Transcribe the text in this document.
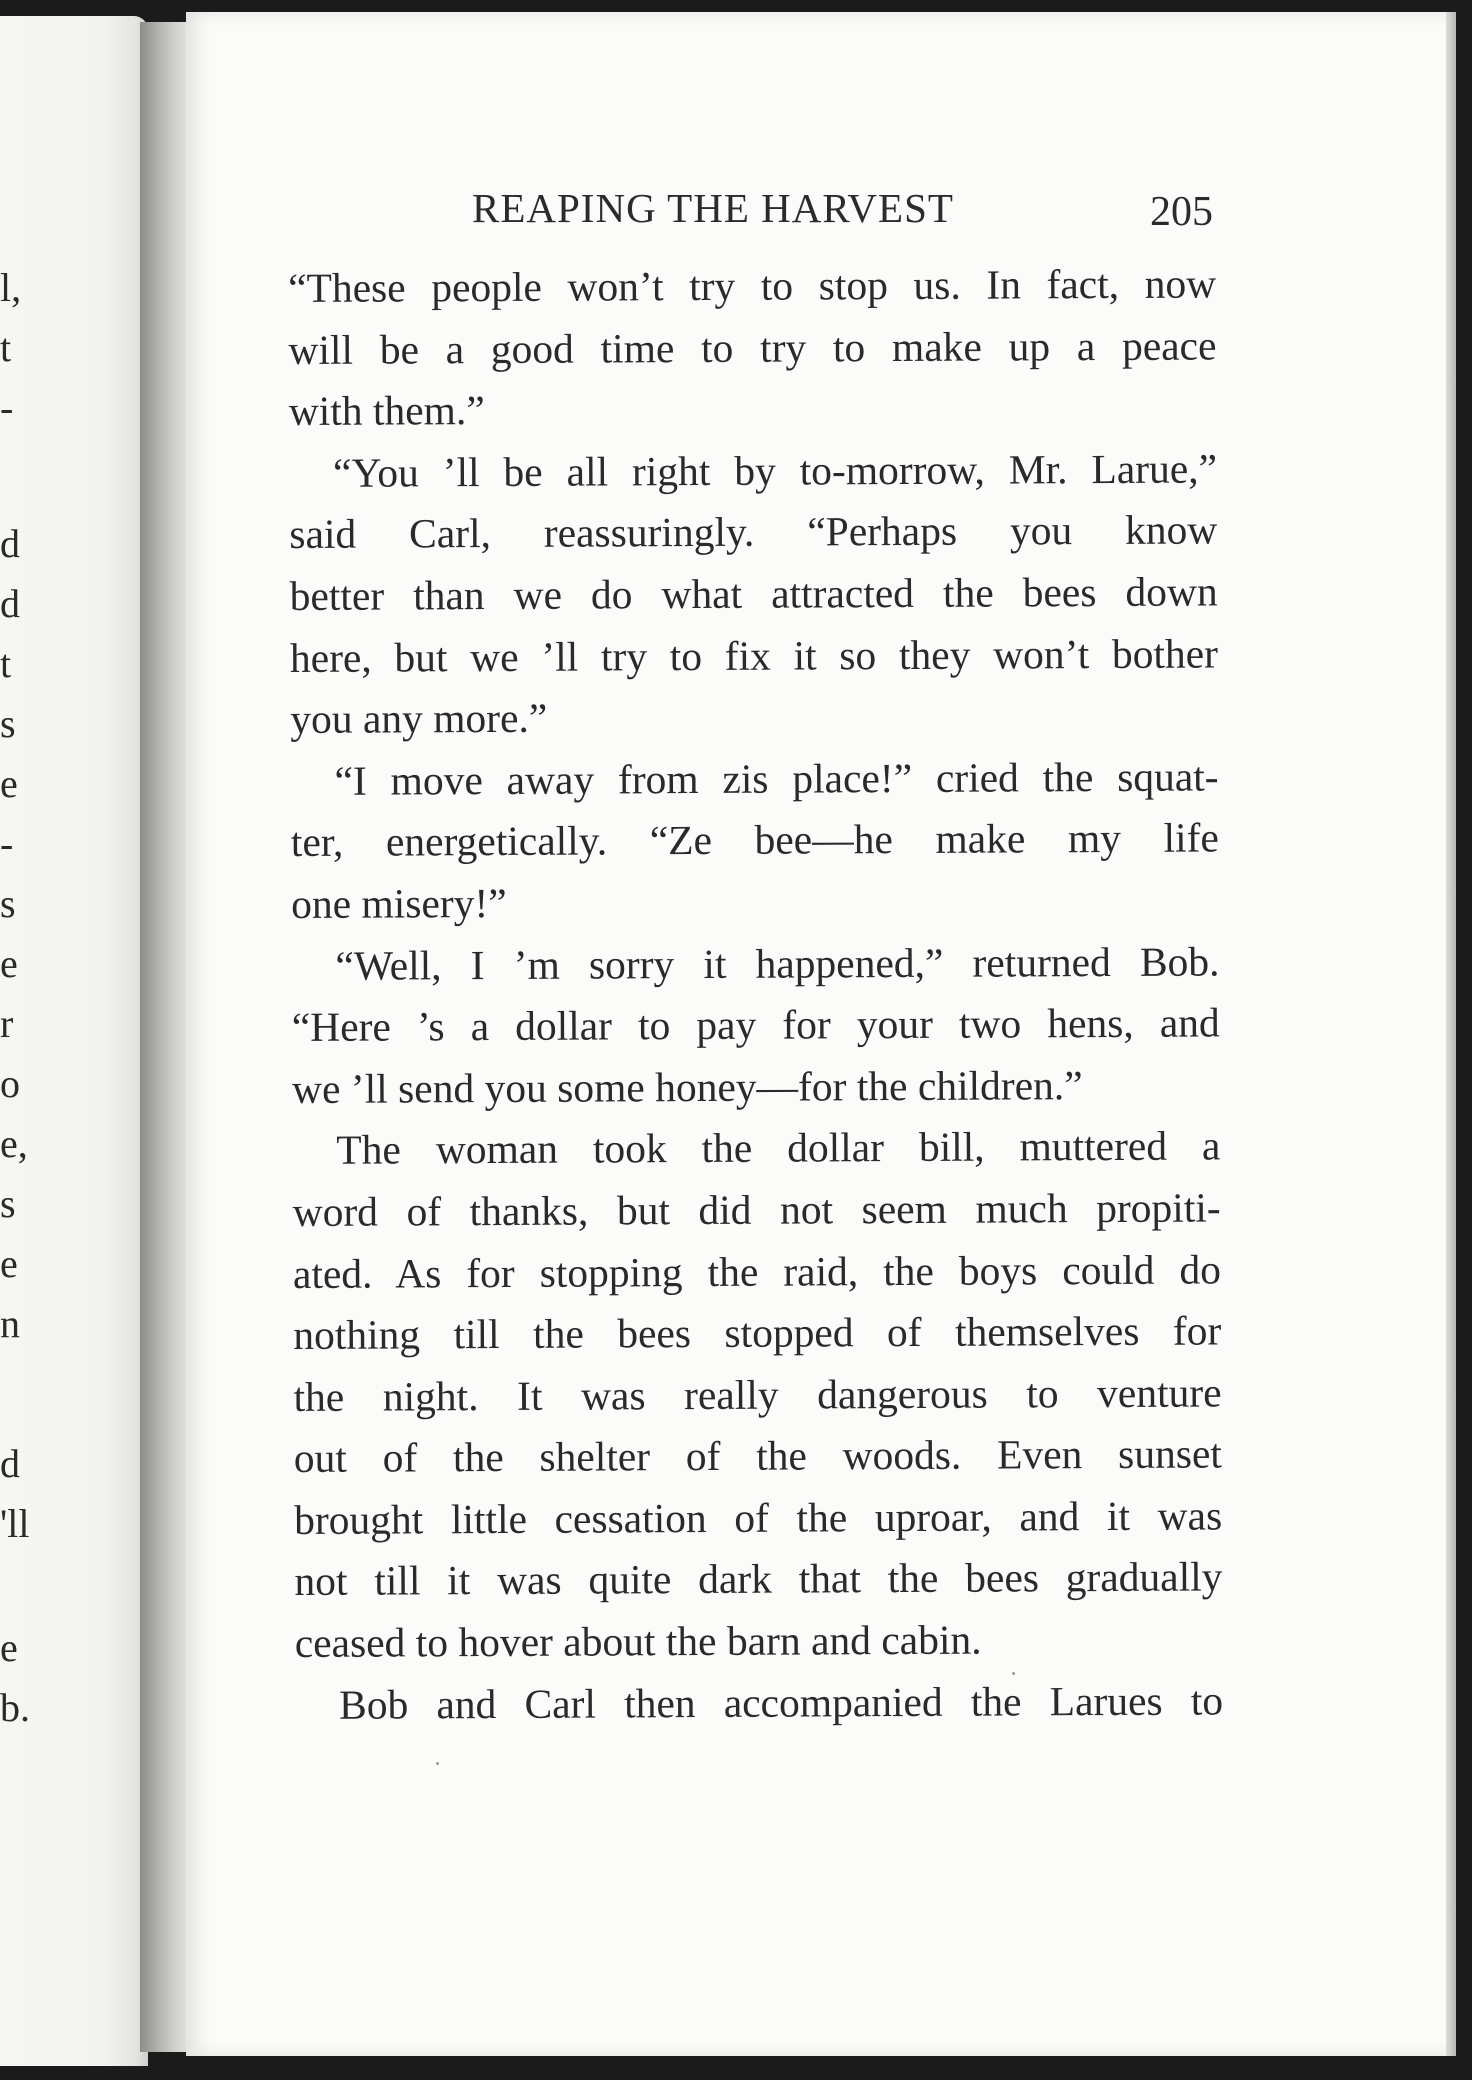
l,
t
-
d
d
t
s
e
-
s
e
r
o
e,
s
e
n
d
'll
e
b.
REAPING THE HARVEST	205

“These people won’t try to stop us. In fact, now
will be a good time to try to make up a peace
with them.”

“You ’ll be all right by to-morrow, Mr. Larue,”
said Carl, reassuringly. “Perhaps you know
better than we do what attracted the bees down
here, but we ’ll try to fix it so they won’t bother
you any more.”

“I move away from zis place!” cried the squat-
ter, energetically. “Ze bee—he make my life
one misery!”

“Well, I ’m sorry it happened,” returned Bob.
“Here ’s a dollar to pay for your two hens, and
we ’ll send you some honey—for the children.”

The woman took the dollar bill, muttered a
word of thanks, but did not seem much propiti-
ated. As for stopping the raid, the boys could do
nothing till the bees stopped of themselves for
the night. It was really dangerous to venture
out of the shelter of the woods. Even sunset
brought little cessation of the uproar, and it was
not till it was quite dark that the bees gradually
ceased to hover about the barn and cabin.

Bob and Carl then accompanied the Larues to
